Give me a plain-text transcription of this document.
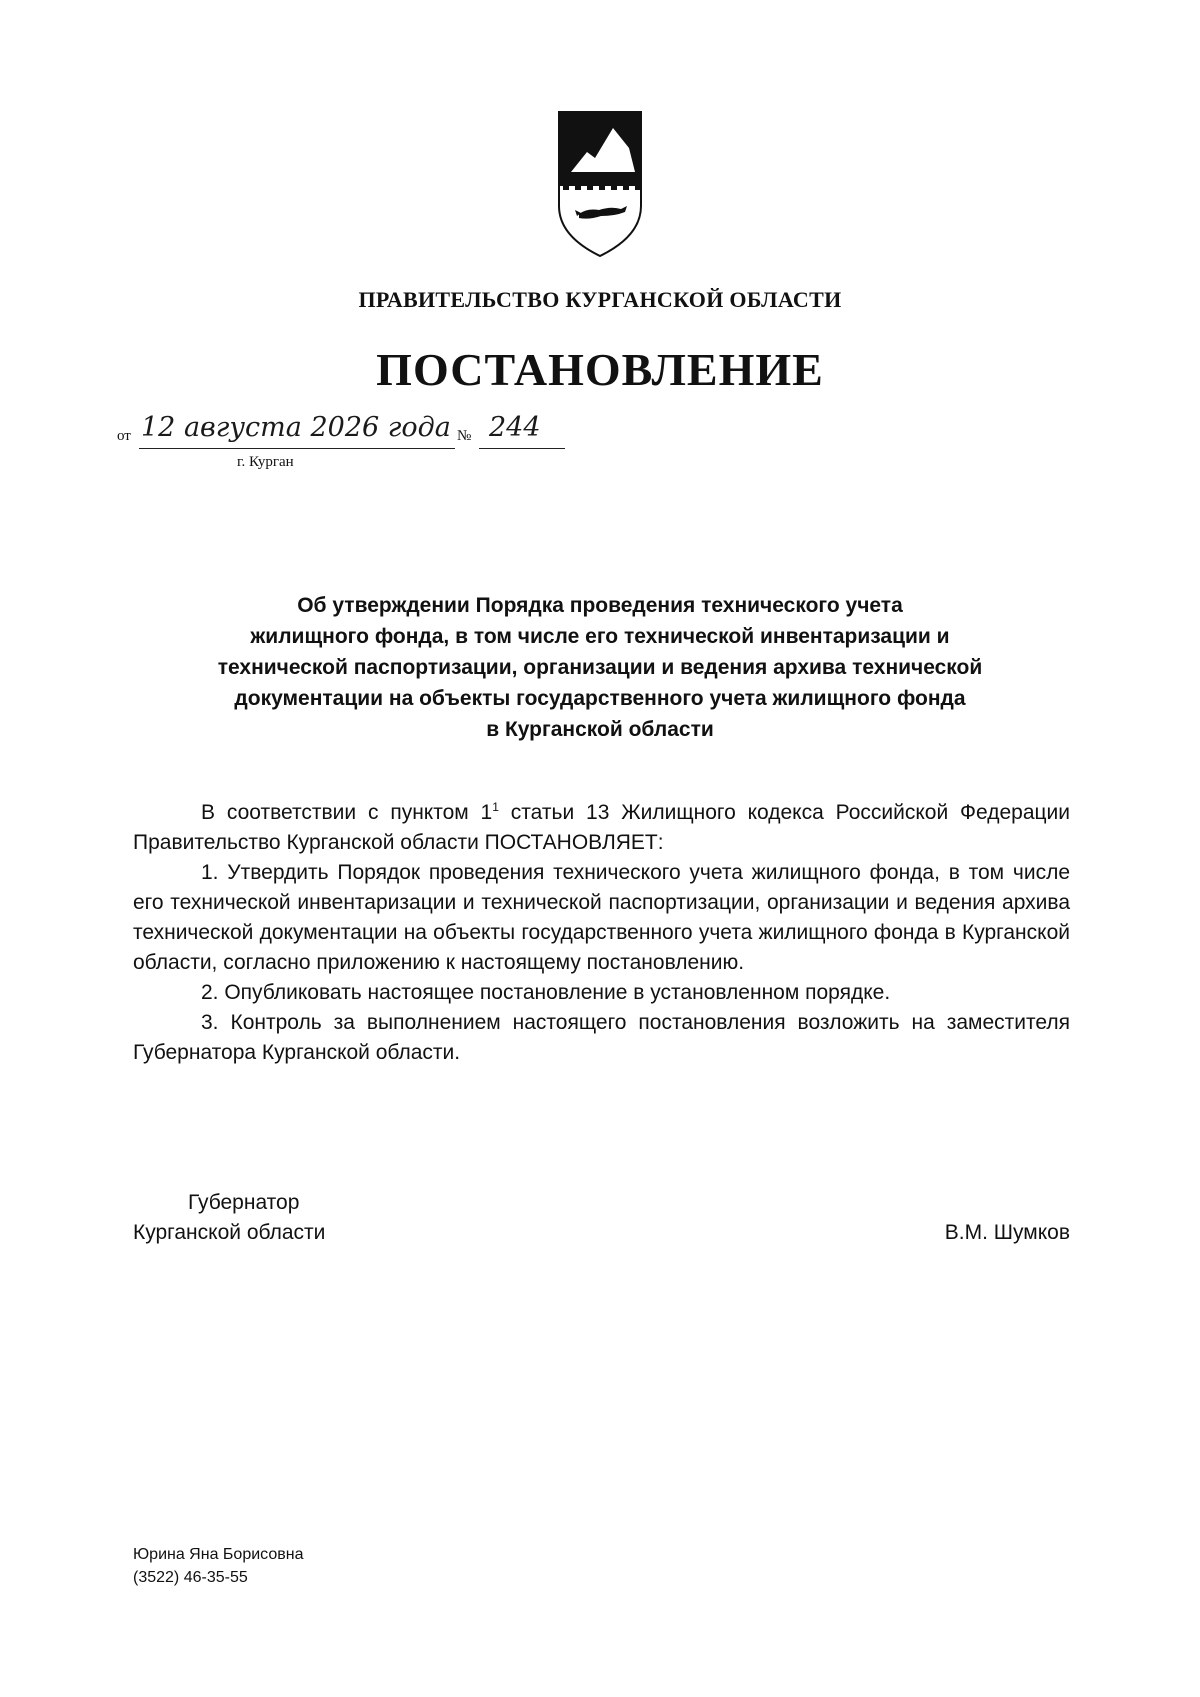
ПРАВИТЕЛЬСТВО КУРГАНСКОЙ ОБЛАСТИ
ПОСТАНОВЛЕНИЕ
от 12 августа 2026 года № 244
г. Курган
Об утверждении Порядка проведения технического учета
жилищного фонда, в том числе его технической инвентаризации и
технической паспортизации, организации и ведения архива технической
документации на объекты государственного учета жилищного фонда
в Курганской области

В соответствии с пунктом $1^1$ статьи 13 Жилищного кодекса Российской Федерации Правительство Курганской области ПОСТАНОВЛЯЕТ:

1. Утвердить Порядок проведения технического учета жилищного фонда, в том числе его технической инвентаризации и технической паспортизации, организации и ведения архива технической документации на объекты государственного учета жилищного фонда в Курганской области, согласно приложению к настоящему постановлению.

2. Опубликовать настоящее постановление в установленном порядке.

3. Контроль за выполнением настоящего постановления возложить на заместителя Губернатора Курганской области.

Губернатор
Курганской области	В.М. Шумков
Юрина Яна Борисовна
(3522) 46-35-55
